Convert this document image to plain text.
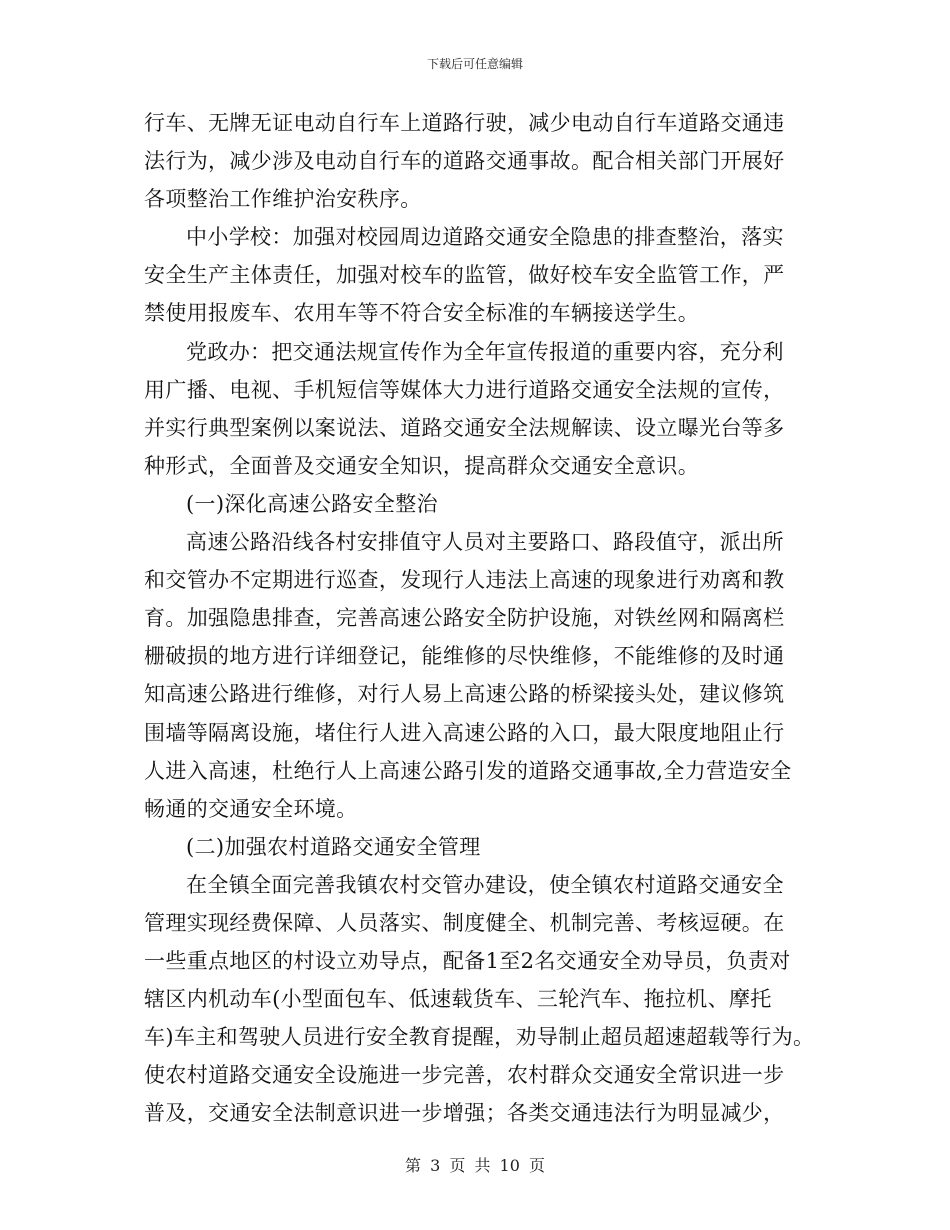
下载后可任意编辑
行车、无牌无证电动自行车上道路行驶，减少电动自行车道路交通违
法行为，减少涉及电动自行车的道路交通事故。配合相关部门开展好
各项整治工作维护治安秩序。
中小学校：加强对校园周边道路交通安全隐患的排查整治，落实
安全生产主体责任，加强对校车的监管，做好校车安全监管工作，严
禁使用报废车、农用车等不符合安全标准的车辆接送学生。
党政办：把交通法规宣传作为全年宣传报道的重要内容，充分利
用广播、电视、手机短信等媒体大力进行道路交通安全法规的宣传，
并实行典型案例以案说法、道路交通安全法规解读、设立曝光台等多
种形式，全面普及交通安全知识，提高群众交通安全意识。
(一)深化高速公路安全整治
高速公路沿线各村安排值守人员对主要路口、路段值守，派出所
和交管办不定期进行巡查，发现行人违法上高速的现象进行劝离和教
育。加强隐患排查，完善高速公路安全防护设施，对铁丝网和隔离栏
栅破损的地方进行详细登记，能维修的尽快维修，不能维修的及时通
知高速公路进行维修，对行人易上高速公路的桥梁接头处，建议修筑
围墙等隔离设施，堵住行人进入高速公路的入口，最大限度地阻止行
人进入高速，杜绝行人上高速公路引发的道路交通事故,全力营造安全
畅通的交通安全环境。
(二)加强农村道路交通安全管理
在全镇全面完善我镇农村交管办建设，使全镇农村道路交通安全
管理实现经费保障、人员落实、制度健全、机制完善、考核逗硬。在
一些重点地区的村设立劝导点，配备1至2名交通安全劝导员，负责对
辖区内机动车(小型面包车、低速载货车、三轮汽车、拖拉机、摩托
车)车主和驾驶人员进行安全教育提醒，劝导制止超员超速超载等行为。
使农村道路交通安全设施进一步完善，农村群众交通安全常识进一步
普及，交通安全法制意识进一步增强；各类交通违法行为明显减少，
第 3 页 共 10 页
